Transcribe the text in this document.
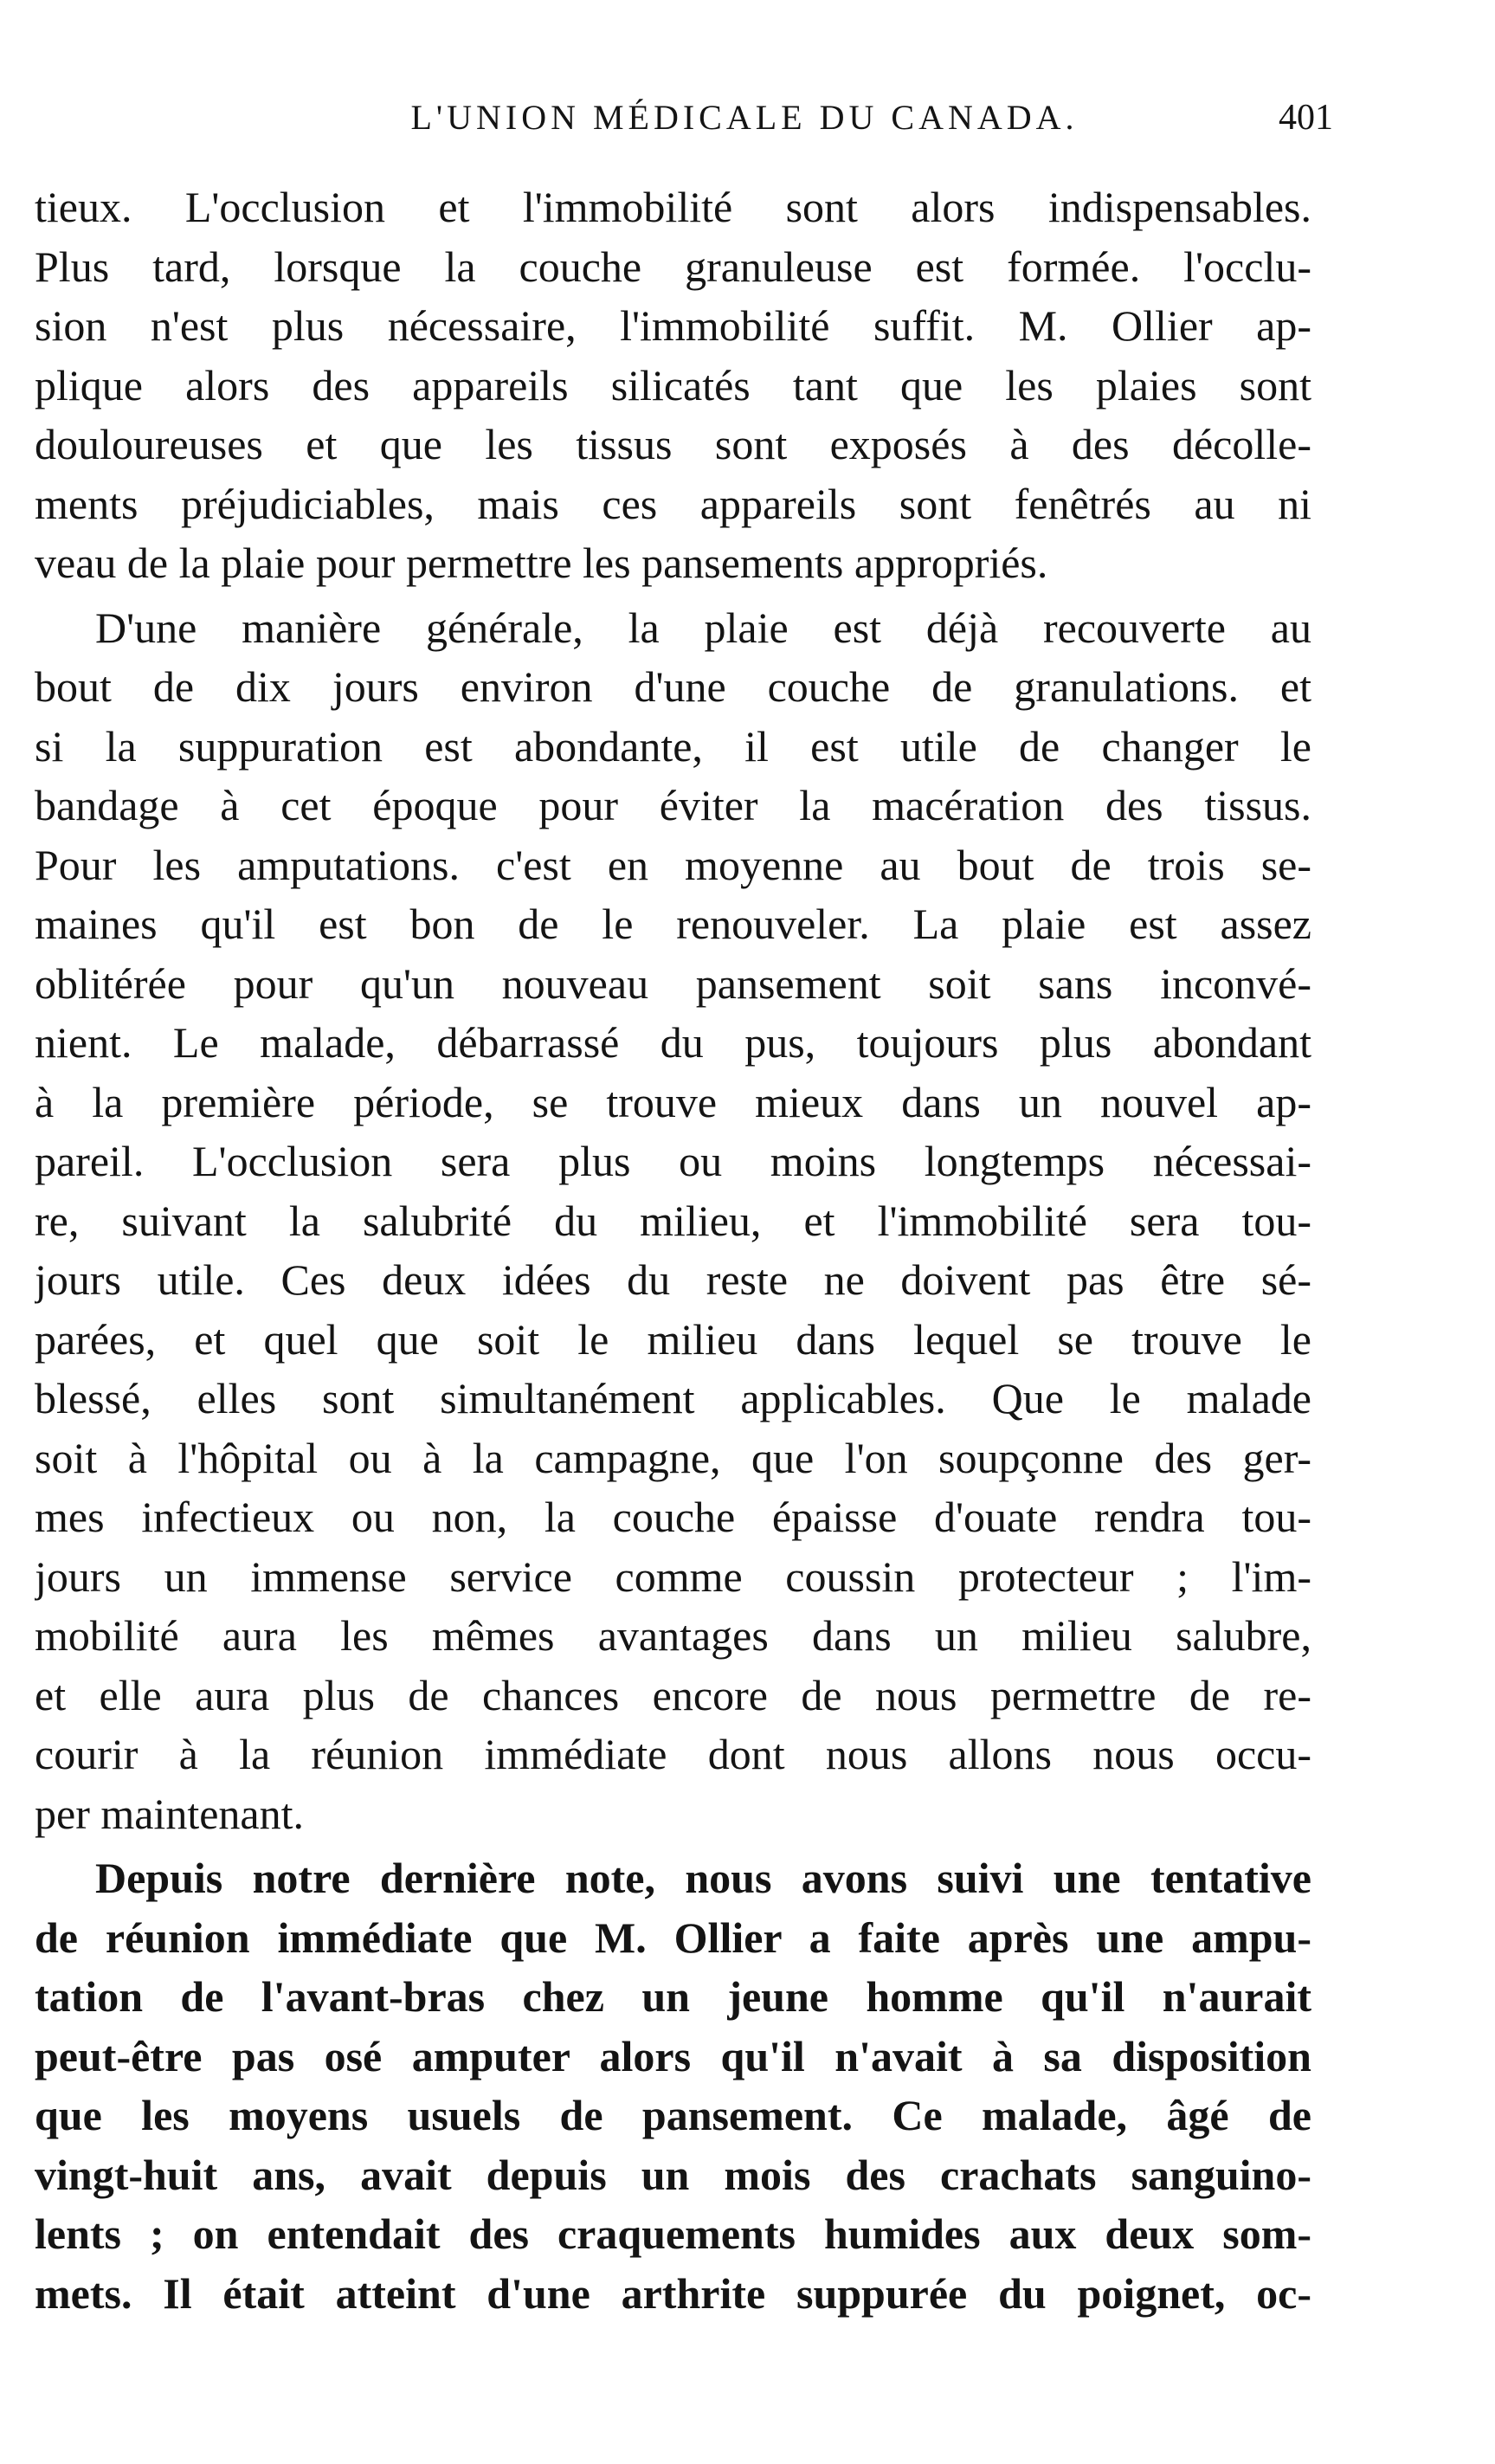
L'UNION MÉDICALE DU CANADA.	401

tieux. L'occlusion et l'immobilité sont alors indispensables.
Plus tard, lorsque la couche granuleuse est formée. l'occlu-
sion n'est plus nécessaire, l'immobilité suffit. M. Ollier ap-
plique alors des appareils silicatés tant que les plaies sont
douloureuses et que les tissus sont exposés à des décolle-
ments préjudiciables, mais ces appareils sont fenêtrés au ni
veau de la plaie pour permettre les pansements appropriés.

D'une manière générale, la plaie est déjà recouverte au
bout de dix jours environ d'une couche de granulations. et
si la suppuration est abondante, il est utile de changer le
bandage à cet époque pour éviter la macération des tissus.
Pour les amputations. c'est en moyenne au bout de trois se-
maines qu'il est bon de le renouveler. La plaie est assez
oblitérée pour qu'un nouveau pansement soit sans inconvé-
nient. Le malade, débarrassé du pus, toujours plus abondant
à la première période, se trouve mieux dans un nouvel ap-
pareil. L'occlusion sera plus ou moins longtemps nécessai-
re, suivant la salubrité du milieu, et l'immobilité sera tou-
jours utile. Ces deux idées du reste ne doivent pas être sé-
parées, et quel que soit le milieu dans lequel se trouve le
blessé, elles sont simultanément applicables. Que le malade
soit à l'hôpital ou à la campagne, que l'on soupçonne des ger-
mes infectieux ou non, la couche épaisse d'ouate rendra tou-
jours un immense service comme coussin protecteur ; l'im-
mobilité aura les mêmes avantages dans un milieu salubre,
et elle aura plus de chances encore de nous permettre de re-
courir à la réunion immédiate dont nous allons nous occu-
per maintenant.

Depuis notre dernière note, nous avons suivi une tentative
de réunion immédiate que M. Ollier a faite après une ampu-
tation de l'avant-bras chez un jeune homme qu'il n'aurait
peut-être pas osé amputer alors qu'il n'avait à sa disposition
que les moyens usuels de pansement. Ce malade, âgé de
vingt-huit ans, avait depuis un mois des crachats sanguino-
lents ; on entendait des craquements humides aux deux som-
mets. Il était atteint d'une arthrite suppurée du poignet, oc-
